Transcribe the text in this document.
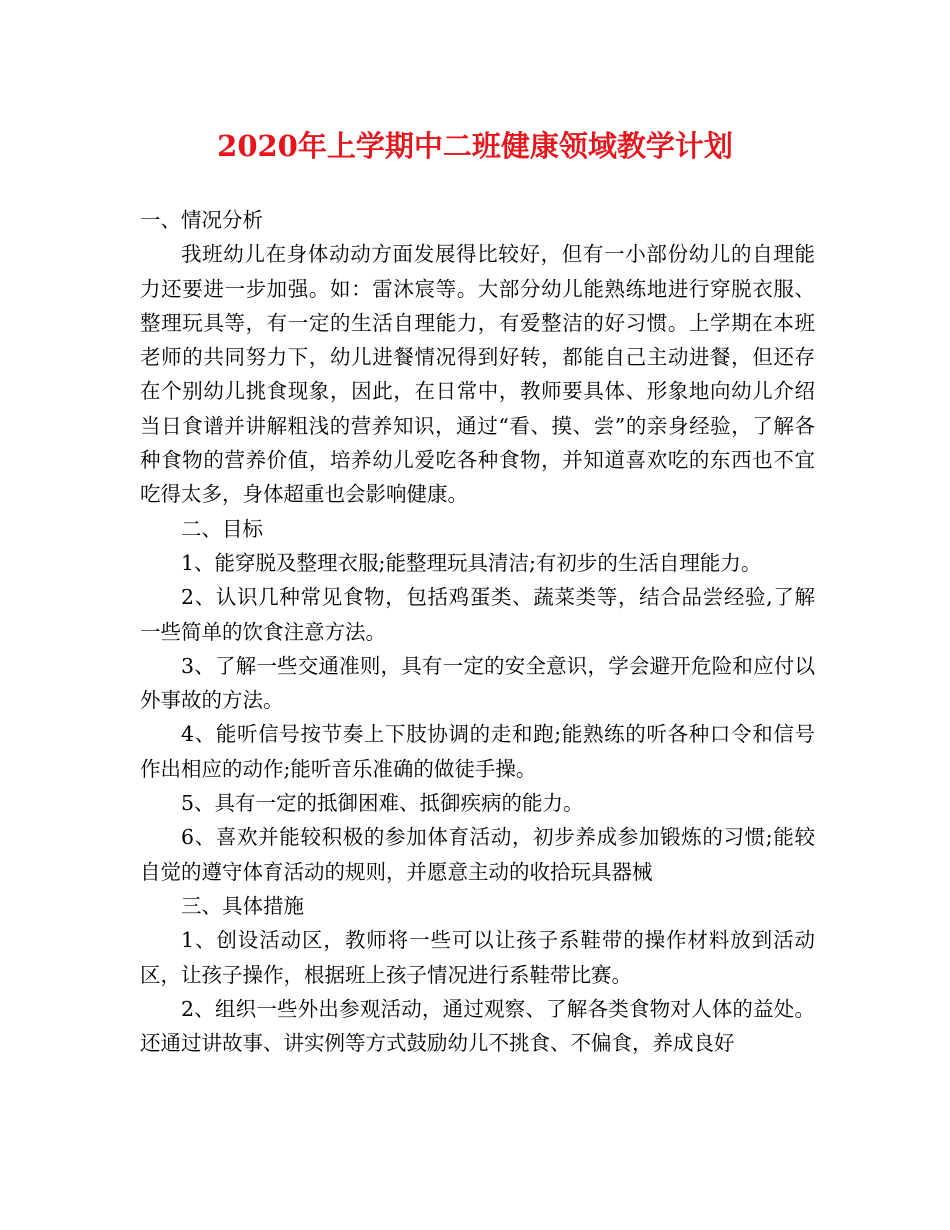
2020年上学期中二班健康领域教学计划

一、情况分析

我班幼儿在身体动动方面发展得比较好，但有一小部份幼儿的自理能力还要进一步加强。如：雷沐宸等。大部分幼儿能熟练地进行穿脱衣服、整理玩具等，有一定的生活自理能力，有爱整洁的好习惯。上学期在本班老师的共同努力下，幼儿进餐情况得到好转，都能自己主动进餐，但还存在个别幼儿挑食现象，因此，在日常中，教师要具体、形象地向幼儿介绍当日食谱并讲解粗浅的营养知识，通过“看、摸、尝”的亲身经验，了解各种食物的营养价值，培养幼儿爱吃各种食物，并知道喜欢吃的东西也不宜吃得太多，身体超重也会影响健康。

二、目标

1、能穿脱及整理衣服;能整理玩具清洁;有初步的生活自理能力。

2、认识几种常见食物，包括鸡蛋类、蔬菜类等，结合品尝经验,了解一些简单的饮食注意方法。

3、了解一些交通准则，具有一定的安全意识，学会避开危险和应付以外事故的方法。

4、能听信号按节奏上下肢协调的走和跑;能熟练的听各种口令和信号作出相应的动作;能听音乐准确的做徒手操。

5、具有一定的抵御困难、抵御疾病的能力。

6、喜欢并能较积极的参加体育活动，初步养成参加锻炼的习惯;能较自觉的遵守体育活动的规则，并愿意主动的收拾玩具器械

三、具体措施

1、创设活动区，教师将一些可以让孩子系鞋带的操作材料放到活动区，让孩子操作，根据班上孩子情况进行系鞋带比赛。

2、组织一些外出参观活动，通过观察、了解各类食物对人体的益处。还通过讲故事、讲实例等方式鼓励幼儿不挑食、不偏食，养成良好
